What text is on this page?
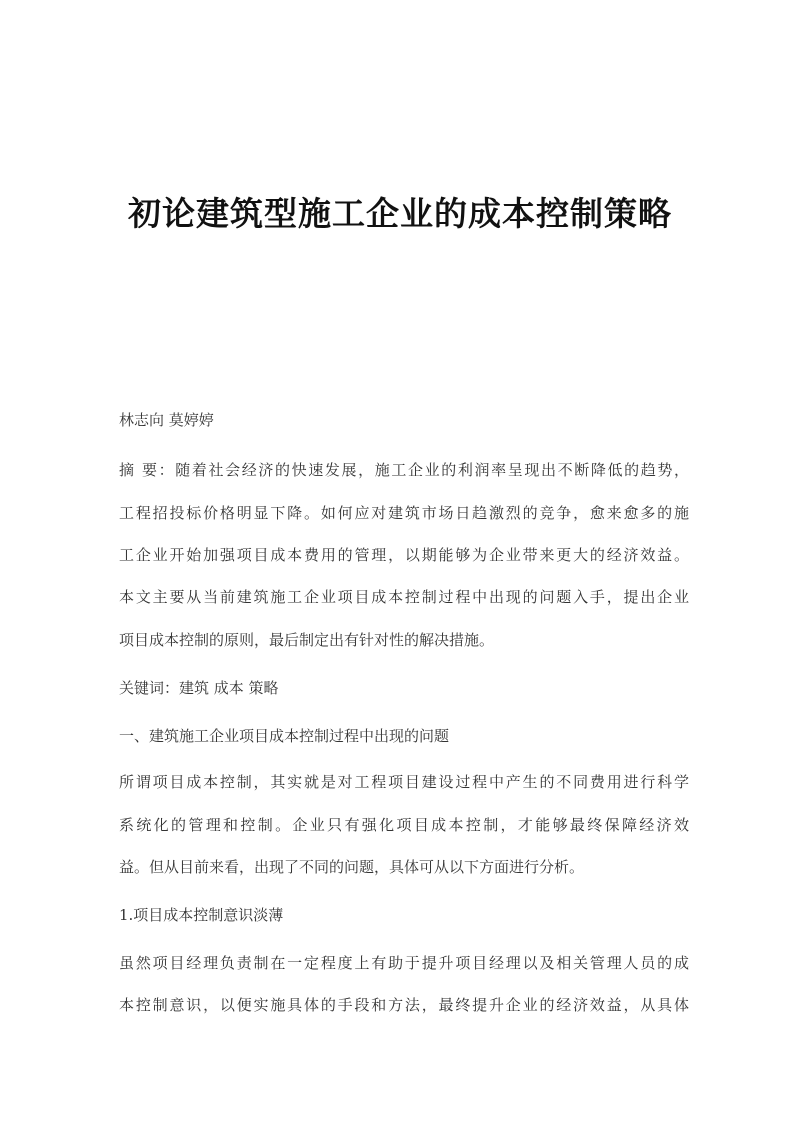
初论建筑型施工企业的成本控制策略
林志向 莫婷婷
摘 要：随着社会经济的快速发展，施工企业的利润率呈现出不断降低的趋势，
工程招投标价格明显下降。如何应对建筑市场日趋激烈的竞争，愈来愈多的施
工企业开始加强项目成本费用的管理，以期能够为企业带来更大的经济效益。
本文主要从当前建筑施工企业项目成本控制过程中出现的问题入手，提出企业
项目成本控制的原则，最后制定出有针对性的解决措施。
关键词：建筑 成本 策略
一、建筑施工企业项目成本控制过程中出现的问题
所谓项目成本控制，其实就是对工程项目建设过程中产生的不同费用进行科学
系统化的管理和控制。企业只有强化项目成本控制，才能够最终保障经济效
益。但从目前来看，出现了不同的问题，具体可从以下方面进行分析。
1.项目成本控制意识淡薄
虽然项目经理负责制在一定程度上有助于提升项目经理以及相关管理人员的成
本控制意识，以便实施具体的手段和方法，最终提升企业的经济效益，从具体
